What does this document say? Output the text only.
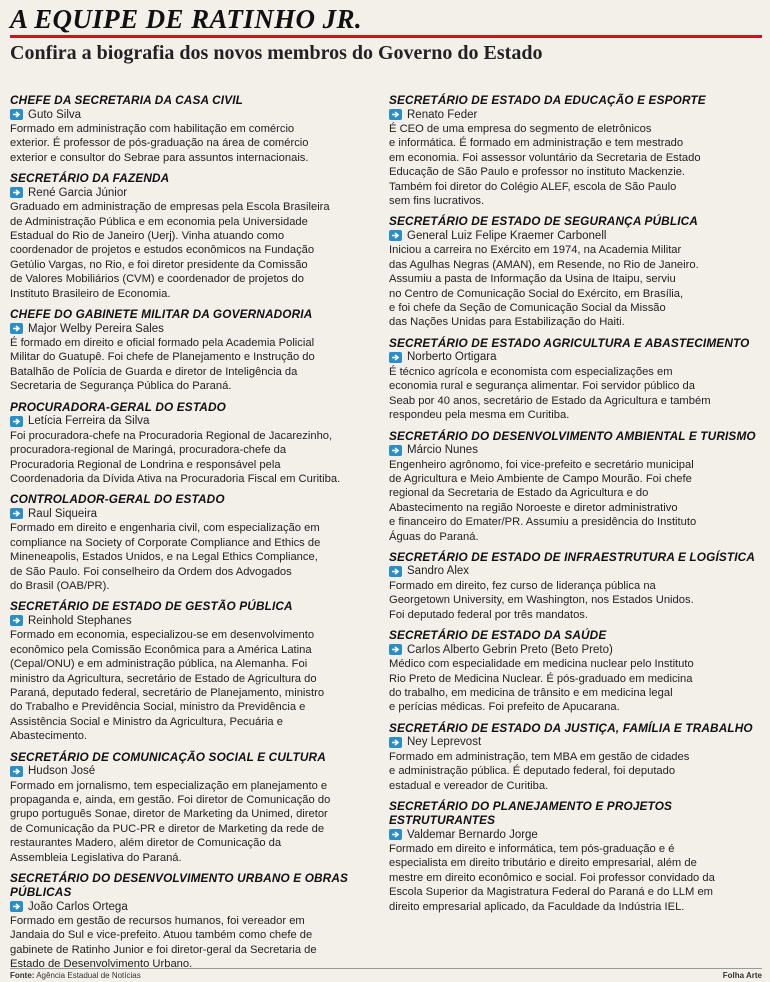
A EQUIPE DE RATINHO JR.
Confira a biografia dos novos membros do Governo do Estado
CHEFE DA SECRETARIA DA CASA CIVIL
Guto Silva
Formado em administração com habilitação em comércio
exterior. É professor de pós-graduação na área de comércio
exterior e consultor do Sebrae para assuntos internacionais.
SECRETÁRIO DA FAZENDA
René Garcia Júnior
Graduado em administração de empresas pela Escola Brasileira
de Administração Pública e em economia pela Universidade
Estadual do Rio de Janeiro (Uerj). Vinha atuando como
coordenador de projetos e estudos econômicos na Fundação
Getúlio Vargas, no Rio, e foi diretor presidente da Comissão
de Valores Mobiliários (CVM) e coordenador de projetos do
Instituto Brasileiro de Economia.
CHEFE DO GABINETE MILITAR DA GOVERNADORIA
Major Welby Pereira Sales
É formado em direito e oficial formado pela Academia Policial
Militar do Guatupê. Foi chefe de Planejamento e Instrução do
Batalhão de Polícia de Guarda e diretor de Inteligência da
Secretaria de Segurança Pública do Paraná.
PROCURADORA-GERAL DO ESTADO
Letícia Ferreira da Silva
Foi procuradora-chefe na Procuradoria Regional de Jacarezinho,
procuradora-regional de Maringá, procuradora-chefe da
Procuradoria Regional de Londrina e responsável pela
Coordenadoria da Dívida Ativa na Procuradoria Fiscal em Curitiba.
CONTROLADOR-GERAL DO ESTADO
Raul Siqueira
Formado em direito e engenharia civil, com especialização em
compliance na Society of Corporate Compliance and Ethics de
Mineneapolis, Estados Unidos, e na Legal Ethics Compliance,
de São Paulo. Foi conselheiro da Ordem dos Advogados
do Brasil (OAB/PR).
SECRETÁRIO DE ESTADO DE GESTÃO PÚBLICA
Reinhold Stephanes
Formado em economia, especializou-se em desenvolvimento
econômico pela Comissão Econômica para a América Latina
(Cepal/ONU) e em administração pública, na Alemanha. Foi
ministro da Agricultura, secretário de Estado de Agricultura do
Paraná, deputado federal, secretário de Planejamento, ministro
do Trabalho e Previdência Social, ministro da Previdência e
Assistência Social e Ministro da Agricultura, Pecuária e
Abastecimento.
SECRETÁRIO DE COMUNICAÇÃO SOCIAL E CULTURA
Hudson José
Formado em jornalismo, tem especialização em planejamento e
propaganda e, ainda, em gestão. Foi diretor de Comunicação do
grupo português Sonae, diretor de Marketing da Unimed, diretor
de Comunicação da PUC-PR e diretor de Marketing da rede de
restaurantes Madero, além diretor de Comunicação da
Assembleia Legislativa do Paraná.
SECRETÁRIO DO DESENVOLVIMENTO URBANO E OBRAS PÚBLICAS
João Carlos Ortega
Formado em gestão de recursos humanos, foi vereador em
Jandaia do Sul e vice-prefeito. Atuou também como chefe de
gabinete de Ratinho Junior e foi diretor-geral da Secretaria de
Estado de Desenvolvimento Urbano.
SECRETÁRIO DE ESTADO DA EDUCAÇÃO E ESPORTE
Renato Feder
É CEO de uma empresa do segmento de eletrônicos
e informática. É formado em administração e tem mestrado
em economia. Foi assessor voluntário da Secretaria de Estado
Educação de São Paulo e professor no instituto Mackenzie.
Também foi diretor do Colégio ALEF, escola de São Paulo
sem fins lucrativos.
SECRETÁRIO DE ESTADO DE SEGURANÇA PÚBLICA
General Luiz Felipe Kraemer Carbonell
Iniciou a carreira no Exército em 1974, na Academia Militar
das Agulhas Negras (AMAN), em Resende, no Rio de Janeiro.
Assumiu a pasta de Informação da Usina de Itaipu, serviu
no Centro de Comunicação Social do Exército, em Brasília,
e foi chefe da Seção de Comunicação Social da Missão
das Nações Unidas para Estabilização do Haiti.
SECRETÁRIO DE ESTADO AGRICULTURA E ABASTECIMENTO
Norberto Ortigara
É técnico agrícola e economista com especializações em
economia rural e segurança alimentar. Foi servidor público da
Seab por 40 anos, secretário de Estado da Agricultura e também
respondeu pela mesma em Curitiba.
SECRETÁRIO DO DESENVOLVIMENTO AMBIENTAL E TURISMO
Márcio Nunes
Engenheiro agrônomo, foi vice-prefeito e secretário municipal
de Agricultura e Meio Ambiente de Campo Mourão. Foi chefe
regional da Secretaria de Estado da Agricultura e do
Abastecimento na região Noroeste e diretor administrativo
e financeiro do Emater/PR. Assumiu a presidência do Instituto
Águas do Paraná.
SECRETÁRIO DE ESTADO DE INFRAESTRUTURA E LOGÍSTICA
Sandro Alex
Formado em direito, fez curso de liderança pública na
Georgetown University, em Washington, nos Estados Unidos.
Foi deputado federal por três mandatos.
SECRETÁRIO DE ESTADO DA SAÚDE
Carlos Alberto Gebrin Preto (Beto Preto)
Médico com especialidade em medicina nuclear pelo Instituto
Rio Preto de Medicina Nuclear. É pós-graduado em medicina
do trabalho, em medicina de trânsito e em medicina legal
e perícias médicas. Foi prefeito de Apucarana.
SECRETÁRIO DE ESTADO DA JUSTIÇA, FAMÍLIA E TRABALHO
Ney Leprevost
Formado em administração, tem MBA em gestão de cidades
e administração pública. É deputado federal, foi deputado
estadual e vereador de Curitiba.
SECRETÁRIO DO PLANEJAMENTO E PROJETOS ESTRUTURANTES
Valdemar Bernardo Jorge
Formado em direito e informática, tem pós-graduação e é
especialista em direito tributário e direito empresarial, além de
mestre em direito econômico e social. Foi professor convidado da
Escola Superior da Magistratura Federal do Paraná e do LLM em
direito empresarial aplicado, da Faculdade da Indústria IEL.
Fonte: Agência Estadual de Notícias	Folha Arte
